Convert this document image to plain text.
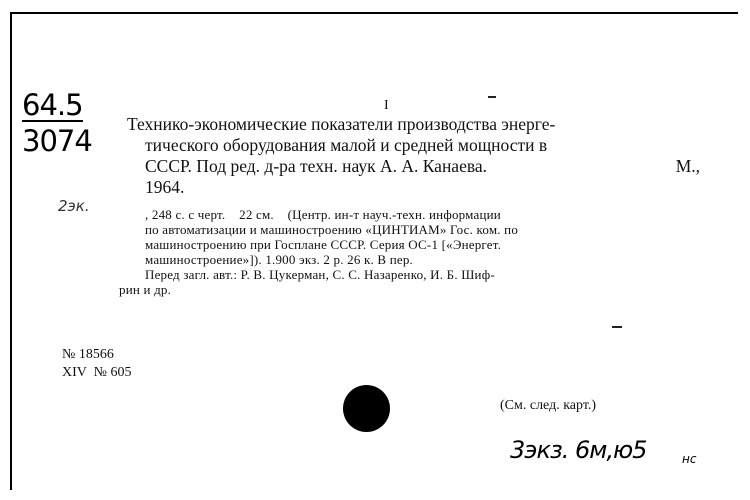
64.5
3074
2эк.
I
Технико-экономические показатели производства энерге-
тического оборудования малой и средней мощности в
СССР. Под ред. д-ра техн. наук А. А. Канаева.	М.,
1964.
, 248 с. с черт.    22 см.    (Центр. ин-т науч.-техн. информации
по автоматизации и машиностроению «ЦИНТИАМ» Гос. ком. по
машиностроению при Госплане СССР. Серия ОС-1 [«Энергет.
машиностроение»]). 1.900 экз. 2 р. 26 к. В пер.
Перед загл. авт.: Р. В. Цукерман, С. С. Назаренко, И. Б. Шиф-
рин и др.
№ 18566
XIV  № 605
(См. след. карт.)
3экз. 6м,ю5	нс
